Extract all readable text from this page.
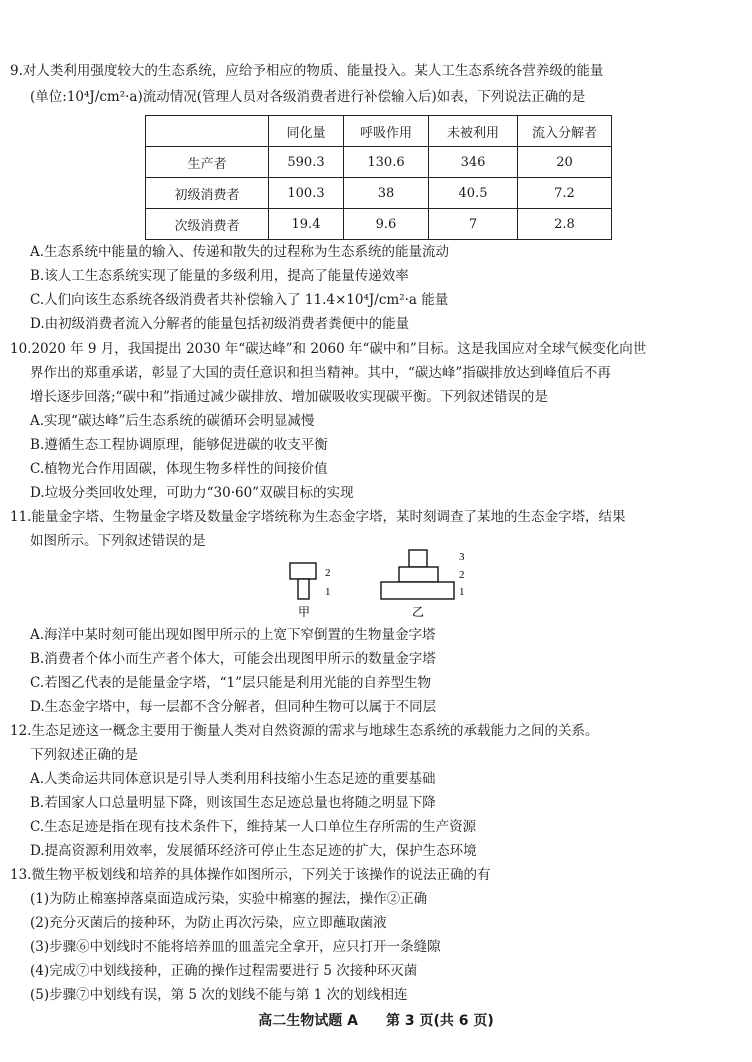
9.对人类利用强度较大的生态系统，应给予相应的物质、能量投入。某人工生态系统各营养级的能量
(单位:10⁴J/cm²·a)流动情况(管理人员对各级消费者进行补偿输入后)如表，下列说法正确的是
	同化量	呼吸作用	未被利用	流入分解者
生产者	590.3	130.6	346	20
初级消费者	100.3	38	40.5	7.2
次级消费者	19.4	9.6	7	2.8
A.生态系统中能量的输入、传递和散失的过程称为生态系统的能量流动
B.该人工生态系统实现了能量的多级利用，提高了能量传递效率
C.人们向该生态系统各级消费者共补偿输入了 11.4×10⁴J/cm²·a 能量
D.由初级消费者流入分解者的能量包括初级消费者粪便中的能量
10.2020 年 9 月，我国提出 2030 年“碳达峰”和 2060 年“碳中和”目标。这是我国应对全球气候变化向世
界作出的郑重承诺，彰显了大国的责任意识和担当精神。其中，“碳达峰”指碳排放达到峰值后不再
增长逐步回落;“碳中和”指通过减少碳排放、增加碳吸收实现碳平衡。下列叙述错误的是
A.实现“碳达峰”后生态系统的碳循环会明显减慢
B.遵循生态工程协调原理，能够促进碳的收支平衡
C.植物光合作用固碳，体现生物多样性的间接价值
D.垃圾分类回收处理，可助力“30·60”双碳目标的实现
11.能量金字塔、生物量金字塔及数量金字塔统称为生态金字塔，某时刻调查了某地的生态金字塔，结果
如图所示。下列叙述错误的是
2
1
甲
3
2
1
乙
A.海洋中某时刻可能出现如图甲所示的上宽下窄倒置的生物量金字塔
B.消费者个体小而生产者个体大，可能会出现图甲所示的数量金字塔
C.若图乙代表的是能量金字塔，“1”层只能是利用光能的自养型生物
D.生态金字塔中，每一层都不含分解者，但同种生物可以属于不同层
12.生态足迹这一概念主要用于衡量人类对自然资源的需求与地球生态系统的承载能力之间的关系。
下列叙述正确的是
A.人类命运共同体意识是引导人类利用科技缩小生态足迹的重要基础
B.若国家人口总量明显下降，则该国生态足迹总量也将随之明显下降
C.生态足迹是指在现有技术条件下，维持某一人口单位生存所需的生产资源
D.提高资源利用效率，发展循环经济可停止生态足迹的扩大，保护生态环境
13.微生物平板划线和培养的具体操作如图所示，下列关于该操作的说法正确的有
(1)为防止棉塞掉落桌面造成污染，实验中棉塞的握法，操作②正确
(2)充分灭菌后的接种环，为防止再次污染，应立即蘸取菌液
(3)步骤⑥中划线时不能将培养皿的皿盖完全拿开，应只打开一条缝隙
(4)完成⑦中划线接种，正确的操作过程需要进行 5 次接种环灭菌
(5)步骤⑦中划线有误，第 5 次的划线不能与第 1 次的划线相连
高二生物试题 A　　第 3 页(共 6 页)
